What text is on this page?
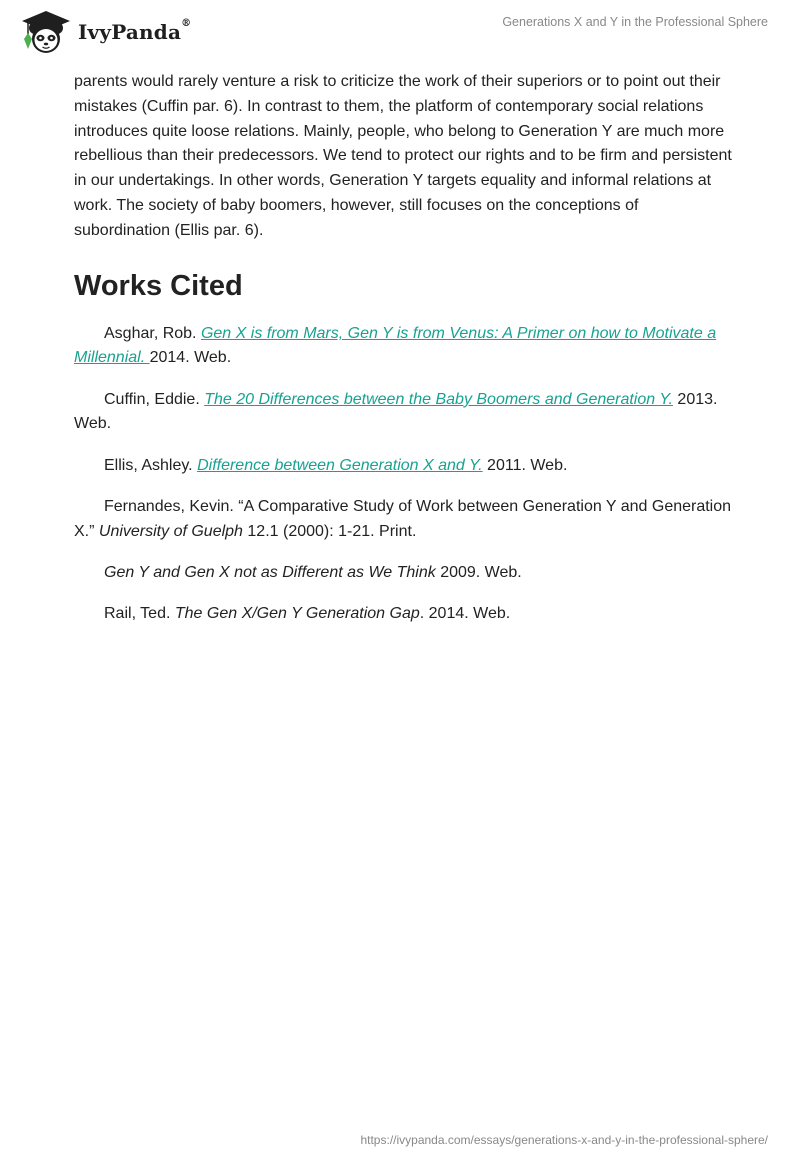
IvyPanda®	Generations X and Y in the Professional Sphere

parents would rarely venture a risk to criticize the work of their superiors or to point out their mistakes (Cuffin par. 6). In contrast to them, the platform of contemporary social relations introduces quite loose relations. Mainly, people, who belong to Generation Y are much more rebellious than their predecessors. We tend to protect our rights and to be firm and persistent in our undertakings. In other words, Generation Y targets equality and informal relations at work. The society of baby boomers, however, still focuses on the conceptions of subordination (Ellis par. 6).

Works Cited

Asghar, Rob. Gen X is from Mars, Gen Y is from Venus: A Primer on how to Motivate a Millennial. 2014. Web.

Cuffin, Eddie. The 20 Differences between the Baby Boomers and Generation Y. 2013. Web.

Ellis, Ashley. Difference between Generation X and Y. 2011. Web.

Fernandes, Kevin. “A Comparative Study of Work between Generation Y and Generation X.” University of Guelph 12.1 (2000): 1-21. Print.

Gen Y and Gen X not as Different as We Think 2009. Web.

Rail, Ted. The Gen X/Gen Y Generation Gap. 2014. Web.

https://ivypanda.com/essays/generations-x-and-y-in-the-professional-sphere/
